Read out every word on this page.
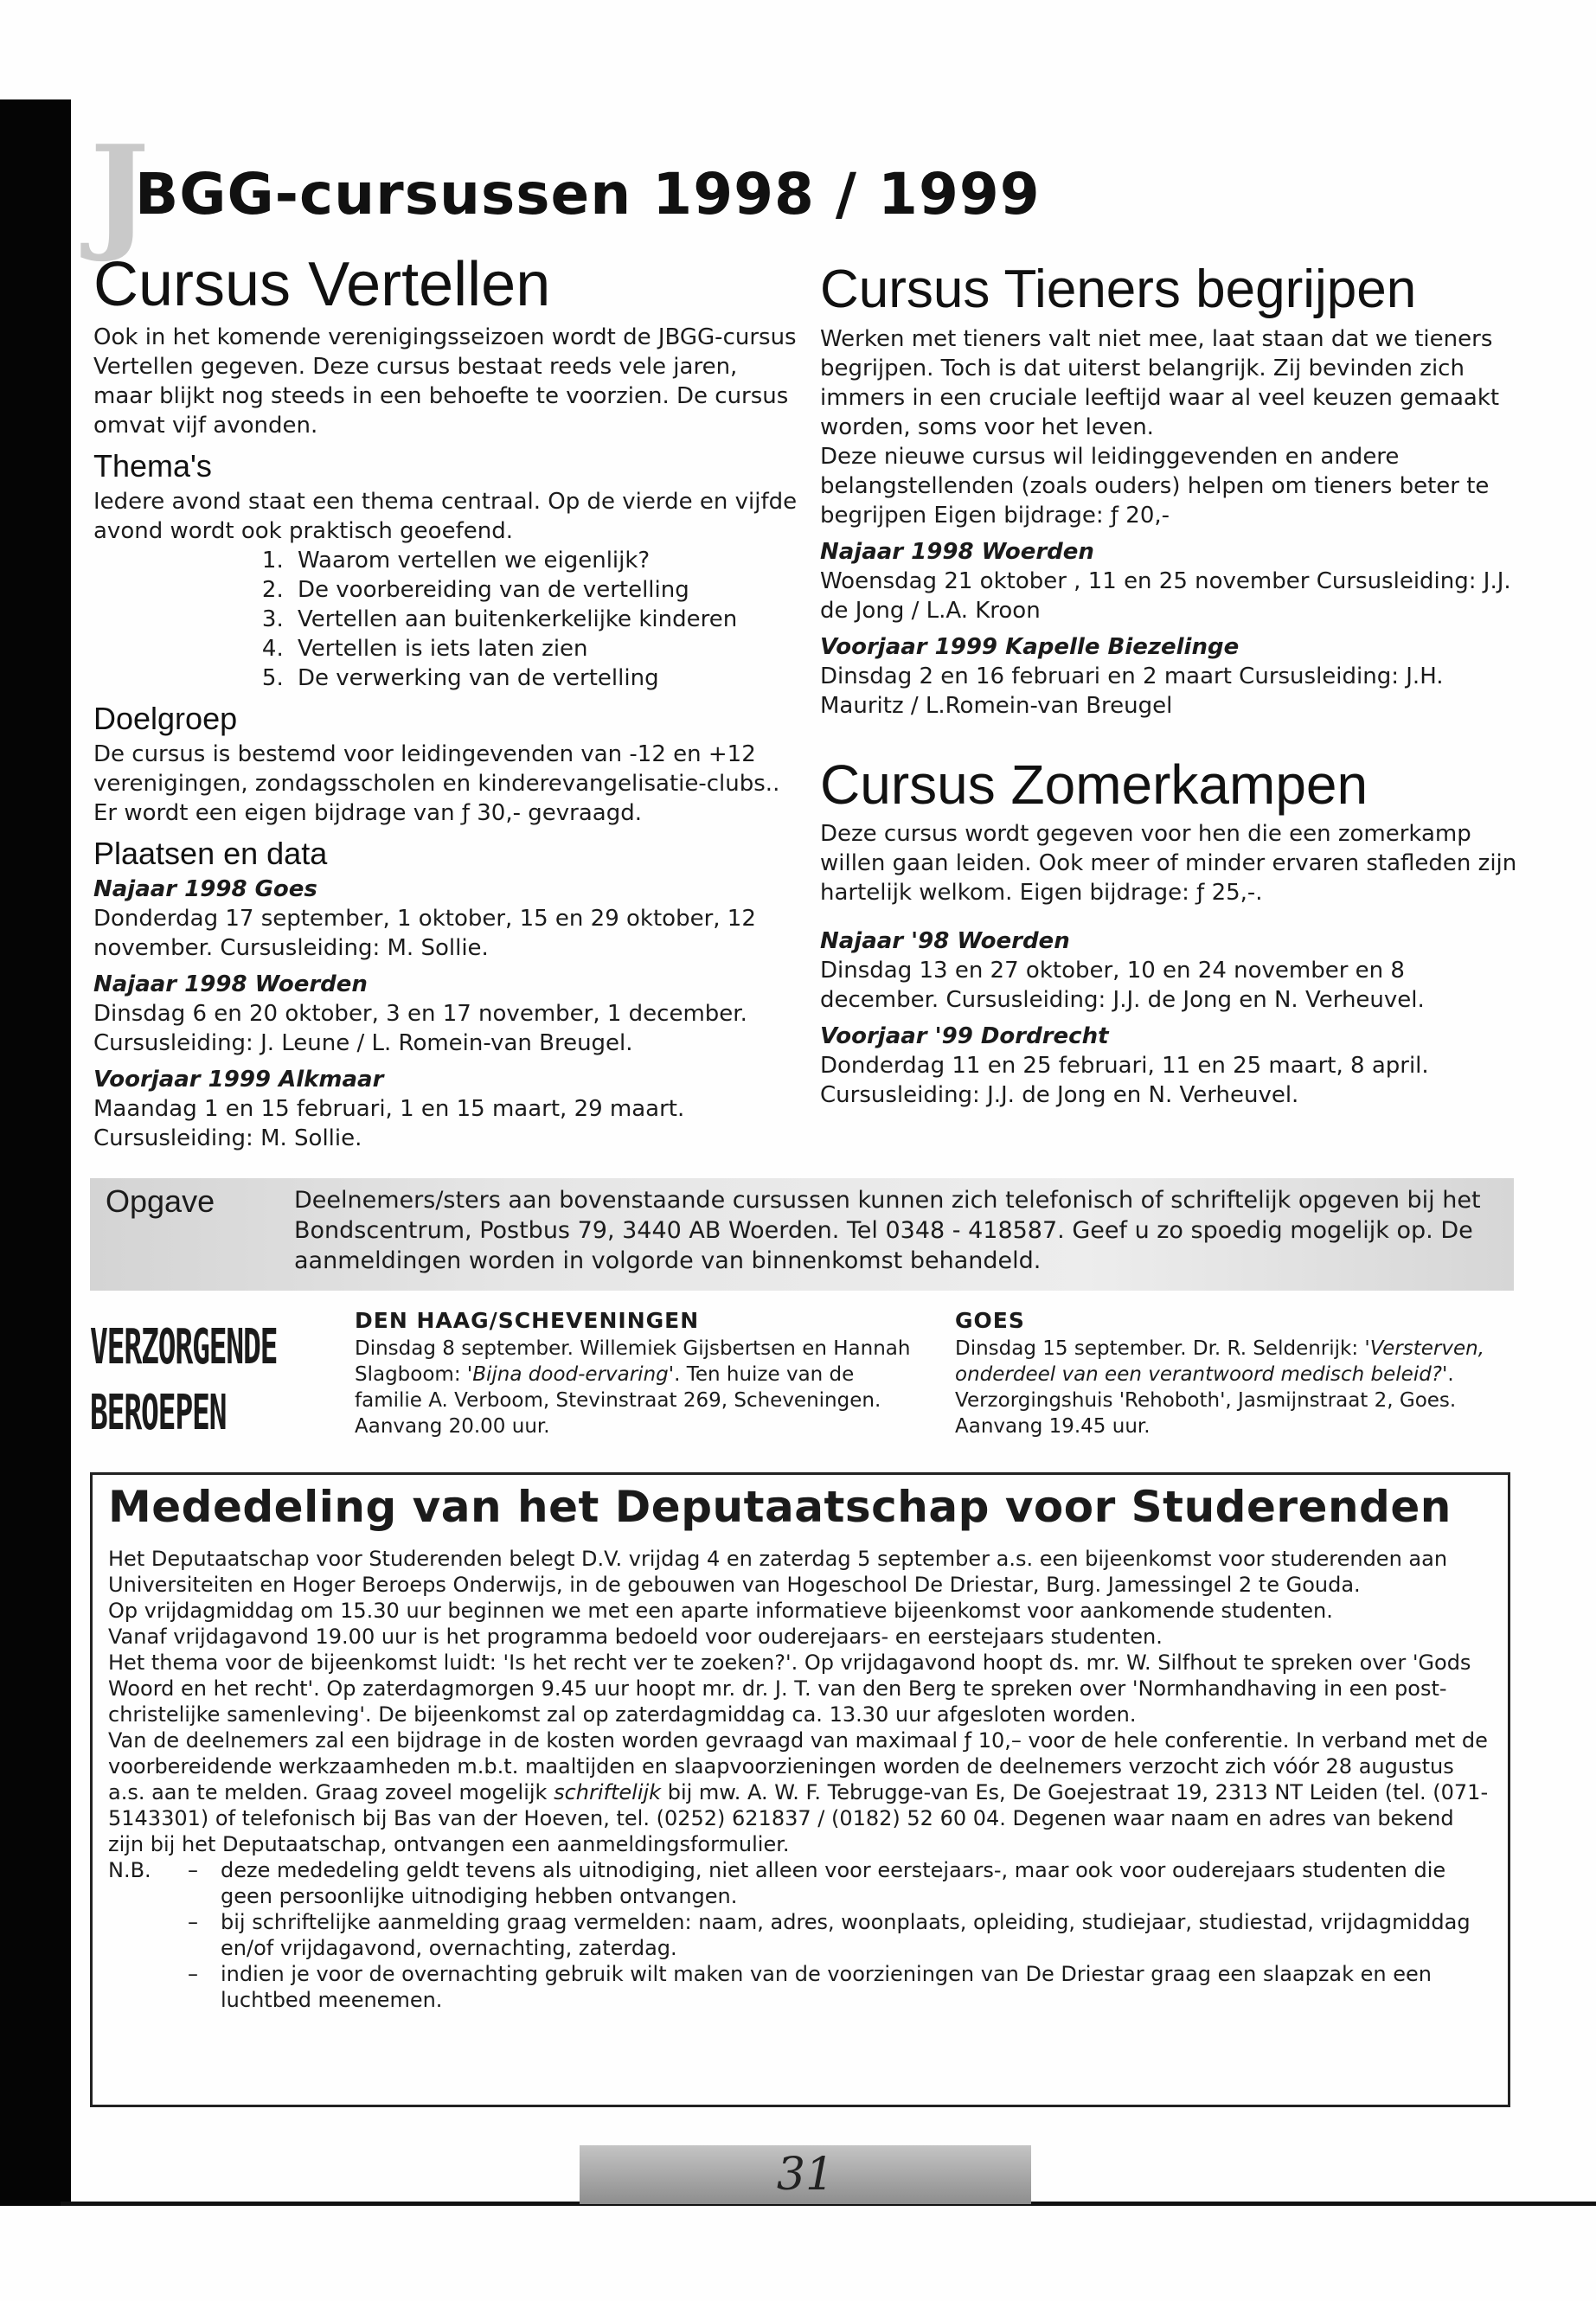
J
BGG-cursussen 1998 / 1999
Cursus Vertellen

Ook in het komende verenigingsseizoen wordt de JBGG-cursus Vertellen gegeven. Deze cursus bestaat reeds vele jaren, maar blijkt nog steeds in een behoefte te voorzien. De cursus omvat vijf avonden.

Thema's

Iedere avond staat een thema centraal. Op de vierde en vijfde avond wordt ook praktisch geoefend.

1. Waarom vertellen we eigenlijk?
2. De voorbereiding van de vertelling
3. Vertellen aan buitenkerkelijke kinderen
4. Vertellen is iets laten zien
5. De verwerking van de vertelling
Doelgroep

De cursus is bestemd voor leidingevenden van -12 en +12 verenigingen, zondagsscholen en kinderevangelisatie-clubs.. Er wordt een eigen bijdrage van ƒ 30,- gevraagd.

Plaatsen en data

Najaar 1998 Goes

Donderdag 17 september, 1 oktober, 15 en 29 oktober, 12 november. Cursusleiding: M. Sollie.

Najaar 1998 Woerden

Dinsdag 6 en 20 oktober, 3 en 17 november, 1 december. Cursusleiding: J. Leune / L. Romein-van Breugel.

Voorjaar 1999 Alkmaar

Maandag 1 en 15 februari, 1 en 15 maart, 29 maart. Cursusleiding: M. Sollie.

Cursus Tieners begrijpen

Werken met tieners valt niet mee, laat staan dat we tieners begrijpen. Toch is dat uiterst belangrijk. Zij bevinden zich immers in een cruciale leeftijd waar al veel keuzen gemaakt worden, soms voor het leven.

Deze nieuwe cursus wil leidinggevenden en andere belangstellenden (zoals ouders) helpen om tieners beter te begrijpen Eigen bijdrage: ƒ 20,-

Najaar 1998 Woerden

Woensdag 21 oktober , 11 en 25 november Cursusleiding: J.J. de Jong / L.A. Kroon

Voorjaar 1999 Kapelle Biezelinge

Dinsdag 2 en 16 februari en 2 maart Cursusleiding: J.H. Mauritz / L.Romein-van Breugel

Cursus Zomerkampen

Deze cursus wordt gegeven voor hen die een zomerkamp willen gaan leiden. Ook meer of minder ervaren stafleden zijn hartelijk welkom. Eigen bijdrage: ƒ 25,-.

Najaar '98 Woerden

Dinsdag 13 en 27 oktober, 10 en 24 november en 8 december. Cursusleiding: J.J. de Jong en N. Verheuvel.

Voorjaar '99 Dordrecht

Donderdag 11 en 25 februari, 11 en 25 maart, 8 april. Cursusleiding: J.J. de Jong en N. Verheuvel.

Opgave	Deelnemers/sters aan bovenstaande cursussen kunnen zich telefonisch of schriftelijk opgeven bij het Bondscentrum, Postbus 79, 3440 AB Woerden. Tel 0348 - 418587. Geef u zo spoedig mogelijk op. De aanmeldingen worden in volgorde van binnenkomst behandeld.
VERZORGENDE
BEROEPEN
DEN HAAG/SCHEVENINGEN
Dinsdag 8 september. Willemiek Gijsbertsen en Hannah Slagboom: 'Bijna dood-ervaring'. Ten huize van de familie A. Verboom, Stevinstraat 269, Scheveningen. Aanvang 20.00 uur.
GOES
Dinsdag 15 september. Dr. R. Seldenrijk: 'Versterven, onderdeel van een verantwoord medisch beleid?'. Verzorgingshuis 'Rehoboth', Jasmijnstraat 2, Goes. Aanvang 19.45 uur.
Mededeling van het Deputaatschap voor Studerenden

Het Deputaatschap voor Studerenden belegt D.V. vrijdag 4 en zaterdag 5 september a.s. een bijeenkomst voor studerenden aan Universiteiten en Hoger Beroeps Onderwijs, in de gebouwen van Hogeschool De Driestar, Burg. Jamessingel 2 te Gouda.

Op vrijdagmiddag om 15.30 uur beginnen we met een aparte informatieve bijeenkomst voor aankomende studenten.

Vanaf vrijdagavond 19.00 uur is het programma bedoeld voor ouderejaars- en eerstejaars studenten.

Het thema voor de bijeenkomst luidt: 'Is het recht ver te zoeken?'. Op vrijdagavond hoopt ds. mr. W. Silfhout te spreken over 'Gods Woord en het recht'. Op zaterdagmorgen 9.45 uur hoopt mr. dr. J. T. van den Berg te spreken over 'Normhandhaving in een post-christelijke samenleving'. De bijeenkomst zal op zaterdagmiddag ca. 13.30 uur afgesloten worden.

Van de deelnemers zal een bijdrage in de kosten worden gevraagd van maximaal ƒ 10,– voor de hele conferentie. In verband met de voorbereidende werkzaamheden m.b.t. maaltijden en slaapvoorzieningen worden de deelnemers verzocht zich vóór 28 augustus a.s. aan te melden. Graag zoveel mogelijk schriftelijk bij mw. A. W. F. Tebrugge-van Es, De Goejestraat 19, 2313 NT Leiden (tel. (071-5143301) of telefonisch bij Bas van der Hoeven, tel. (0252) 621837 / (0182) 52 60 04. Degenen waar naam en adres van bekend zijn bij het Deputaatschap, ontvangen een aanmeldingsformulier.

N.B.	–	deze mededeling geldt tevens als uitnodiging, niet alleen voor eerstejaars-, maar ook voor ouderejaars studenten die geen persoonlijke uitnodiging hebben ontvangen.
–	bij schriftelijke aanmelding graag vermelden: naam, adres, woonplaats, opleiding, studiejaar, studiestad, vrijdagmiddag en/of vrijdagavond, overnachting, zaterdag.
–	indien je voor de overnachting gebruik wilt maken van de voorzieningen van De Driestar graag een slaapzak en een luchtbed meenemen.
31
